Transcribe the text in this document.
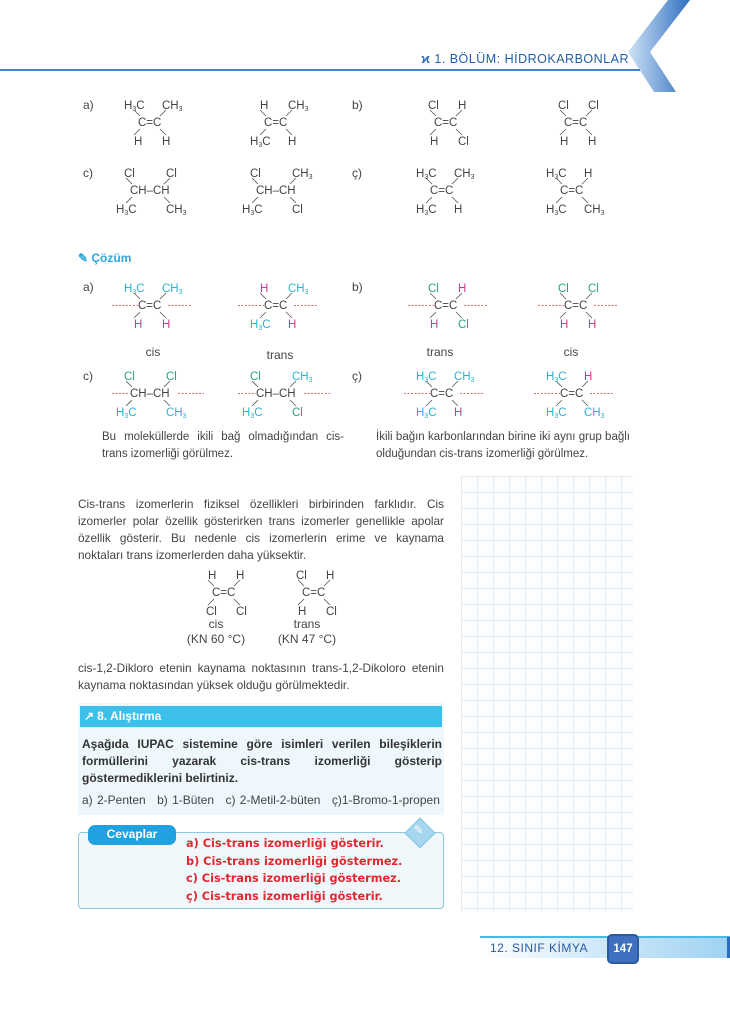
ϰ 1. BÖLÜM: HİDROKARBONLAR
a)	b)
c)	ç)
$H_3C$ $CH_3$
H H
C=C
H $CH_3$
$H_3C$ H
C=C
Cl H
H Cl
C=C
Cl Cl
H H
C=C
Cl	Cl
$H_3C$	$CH_3$
CH–CH
Cl	$CH_3$
$H_3C$	Cl
CH–CH
$H_3C$ $CH_3$
$H_3C$ H
C=C
$H_3C$ H
$H_3C$ $CH_3$
C=C
✎ Çözüm
a)	b)
c)	ç)
$H_3C$ $CH_3$
H H
C=C
H $CH_3$
$H_3C$ H
C=C
Cl H
H Cl
C=C
Cl Cl
H H
C=C
cis	trans	trans	cis
Cl	Cl
$H_3C$	$CH_3$
CH–CH
Cl	$CH_3$
$H_3C$	Cl
CH–CH
$H_3C$ $CH_3$
$H_3C$ H
C=C
$H_3C$ H
$H_3C$ $CH_3$
C=C
Bu moleküllerde ikili bağ olmadığından cis-trans izomerliği görülmez.
İkili bağın karbonlarından birine iki aynı grup bağlı olduğundan cis-trans izomerliği görülmez.
Cis-trans izomerlerin fiziksel özellikleri birbirinden farklıdır. Cis izomerler polar özellik gösterirken trans izomerler genellikle apolar özellik gösterir. Bu nedenle cis izomerlerin erime ve kaynama noktaları trans izomerlerden daha yüksektir.
H H
Cl Cl
C=C
Cl H
H Cl
C=C
cis
(KN 60 °C)
trans
(KN 47 °C)
cis-1,2-Dikloro etenin kaynama noktasının trans-1,2-Dikoloro etenin kaynama noktasından yüksek olduğu görülmektedir.
↗ 8. Alıştırma
Aşağıda IUPAC sistemine göre isimleri verilen bileşiklerin formüllerini yazarak cis-trans izomerliği gösterip göstermediklerini belirtiniz.
a) 2-Penten b) 1-Büten c) 2-Metil-2-büten ç)1-Bromo-1-propen
Cevaplar	✎
a) Cis-trans izomerliği gösterir.
b) Cis-trans izomerliği göstermez.
c) Cis-trans izomerliği göstermez.
ç) Cis-trans izomerliği gösterir.
12. SINIF KİMYA	147
